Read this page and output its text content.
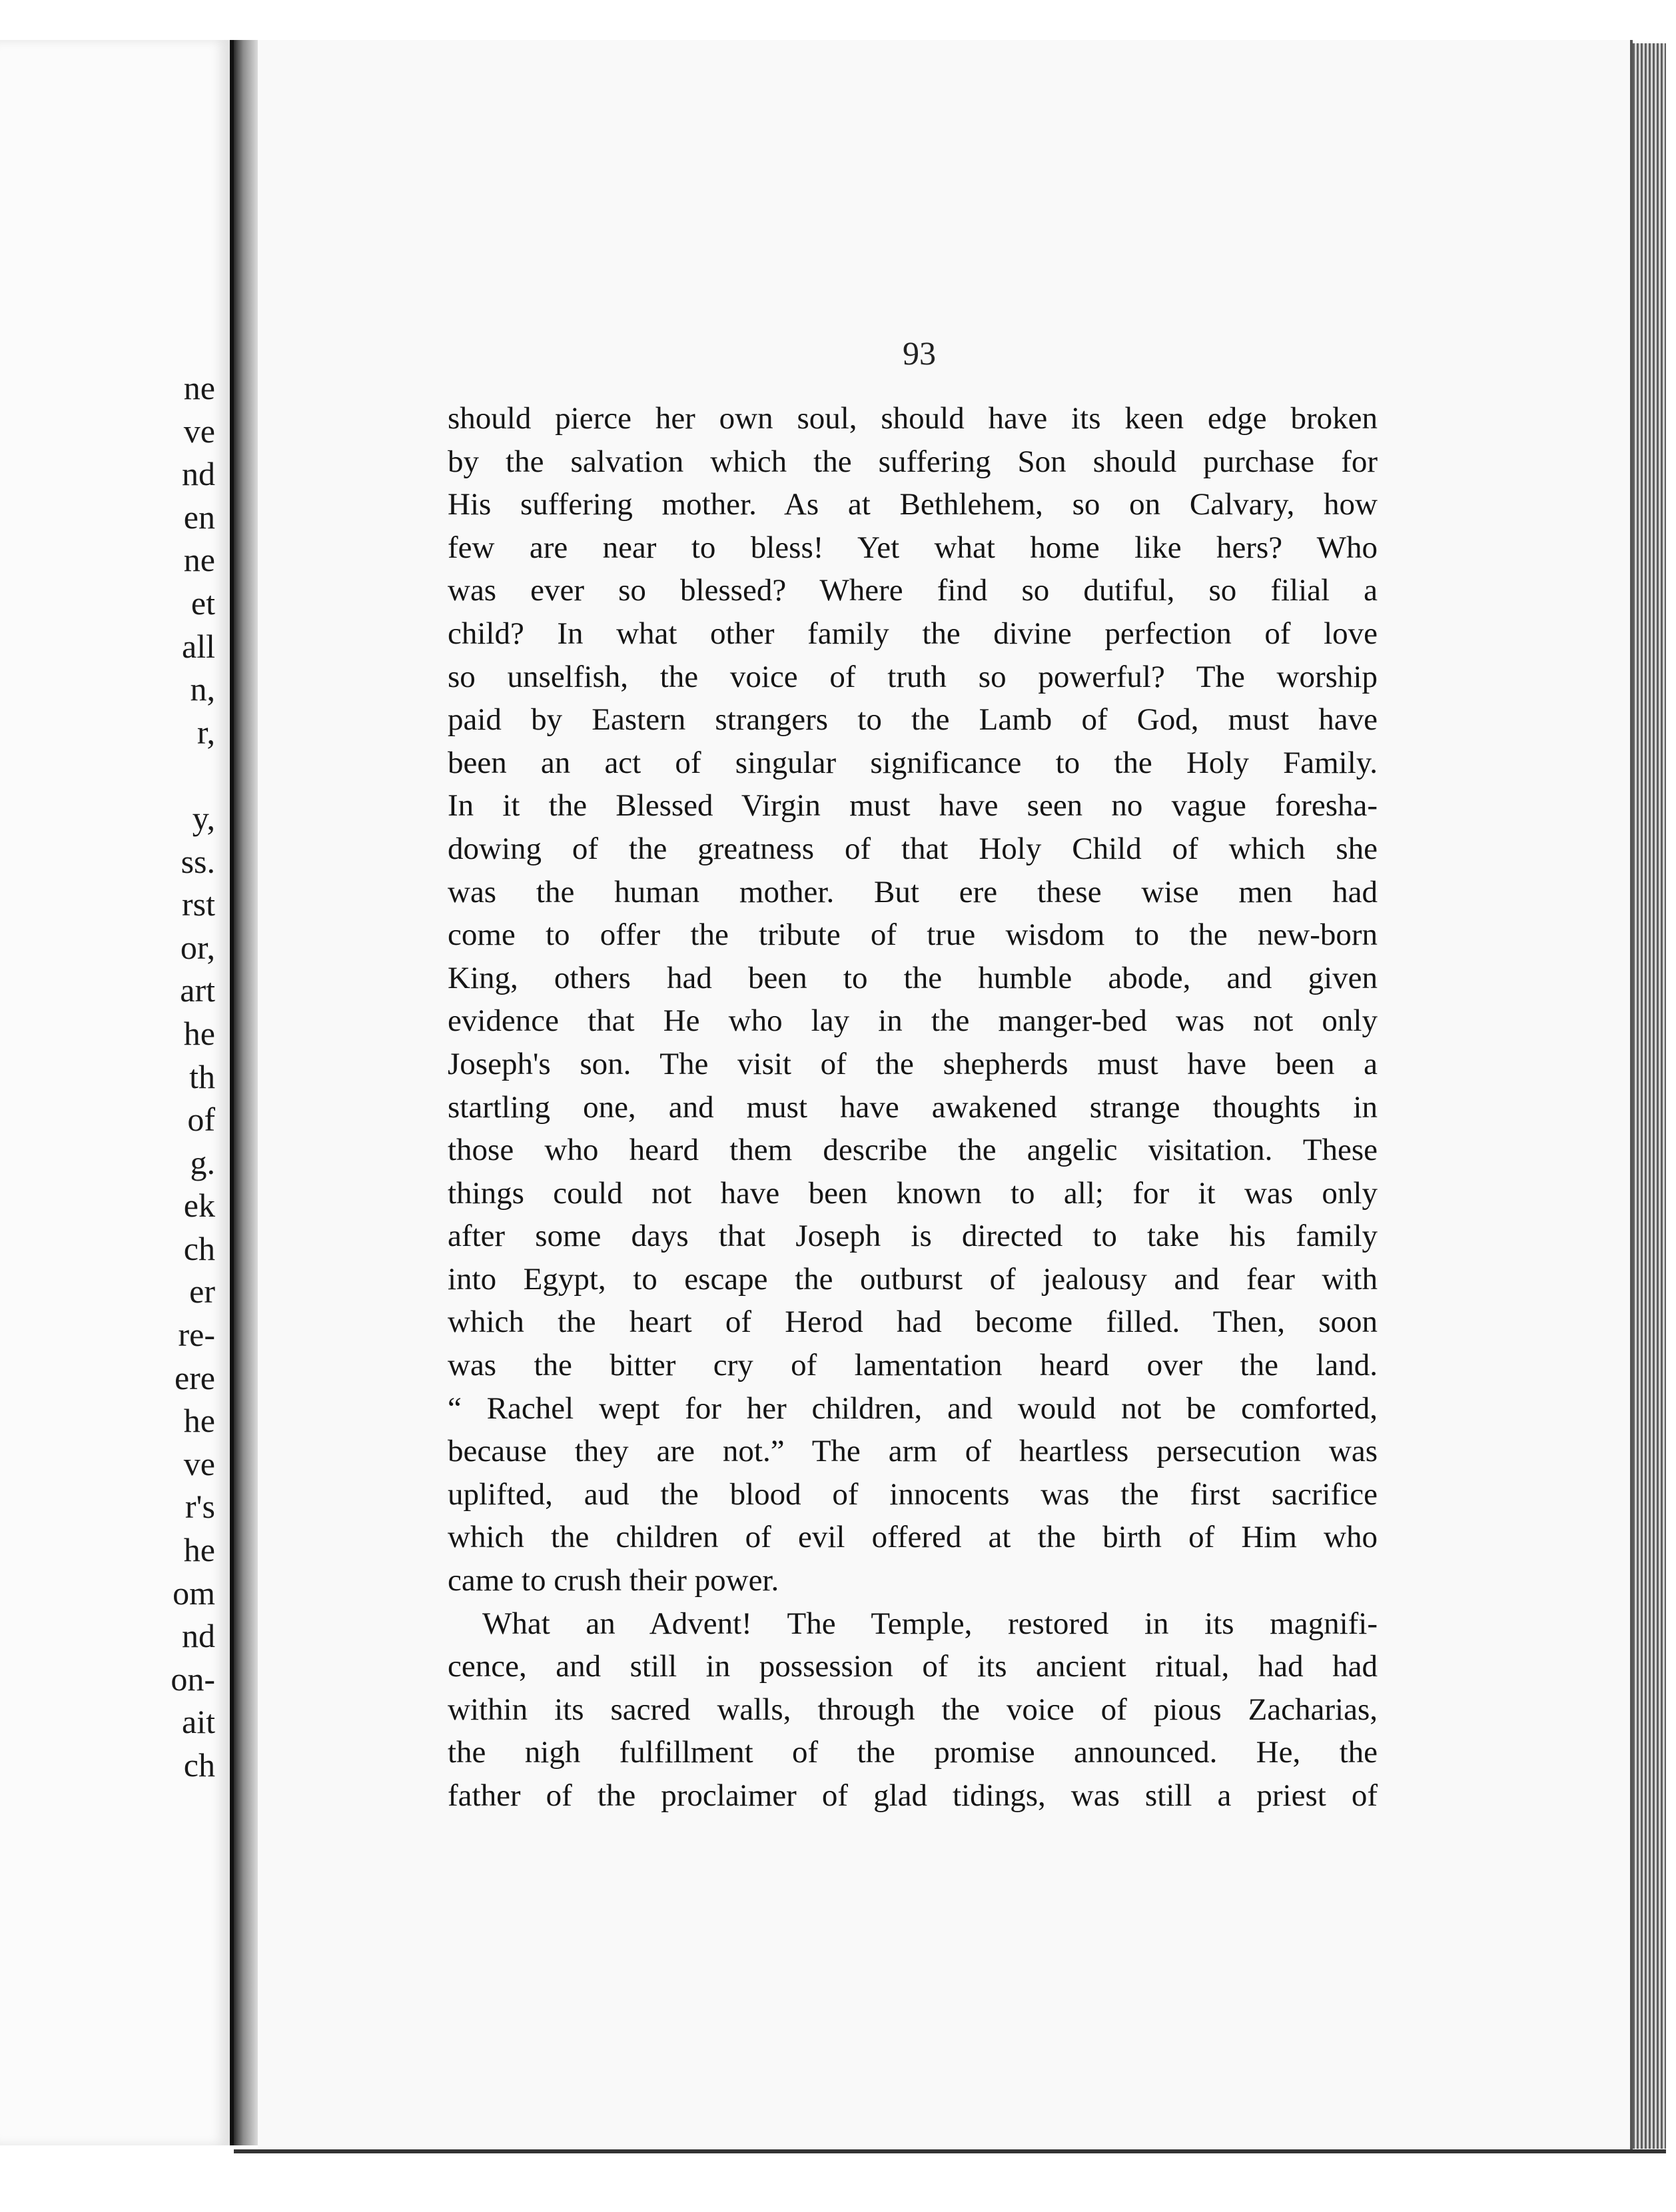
ne
ve
nd
en
ne
et
all
n,
r,

y,
ss.
rst
or,
art
he
th
of
g.
ek
ch
er
re-
ere
he
ve
r's
he
om
nd
on-
ait
ch
93
should pierce her own soul, should have its keen edge broken
by the salvation which the suffering Son should purchase for
His suffering mother. As at Bethlehem, so on Calvary, how
few are near to bless! Yet what home like hers? Who
was ever so blessed? Where find so dutiful, so filial a
child? In what other family the divine perfection of love
so unselfish, the voice of truth so powerful? The worship
paid by Eastern strangers to the Lamb of God, must have
been an act of singular significance to the Holy Family.
In it the Blessed Virgin must have seen no vague foresha-
dowing of the greatness of that Holy Child of which she
was the human mother. But ere these wise men had
come to offer the tribute of true wisdom to the new-born
King, others had been to the humble abode, and given
evidence that He who lay in the manger-bed was not only
Joseph's son. The visit of the shepherds must have been a
startling one, and must have awakened strange thoughts in
those who heard them describe the angelic visitation. These
things could not have been known to all; for it was only
after some days that Joseph is directed to take his family
into Egypt, to escape the outburst of jealousy and fear with
which the heart of Herod had become filled. Then, soon
was the bitter cry of lamentation heard over the land.
“ Rachel wept for her children, and would not be comforted,
because they are not.” The arm of heartless persecution was
uplifted, aud the blood of innocents was the first sacrifice
which the children of evil offered at the birth of Him who
came to crush their power.
What an Advent! The Temple, restored in its magnifi-
cence, and still in possession of its ancient ritual, had had
within its sacred walls, through the voice of pious Zacharias,
the nigh fulfillment of the promise announced. He, the
father of the proclaimer of glad tidings, was still a priest of
